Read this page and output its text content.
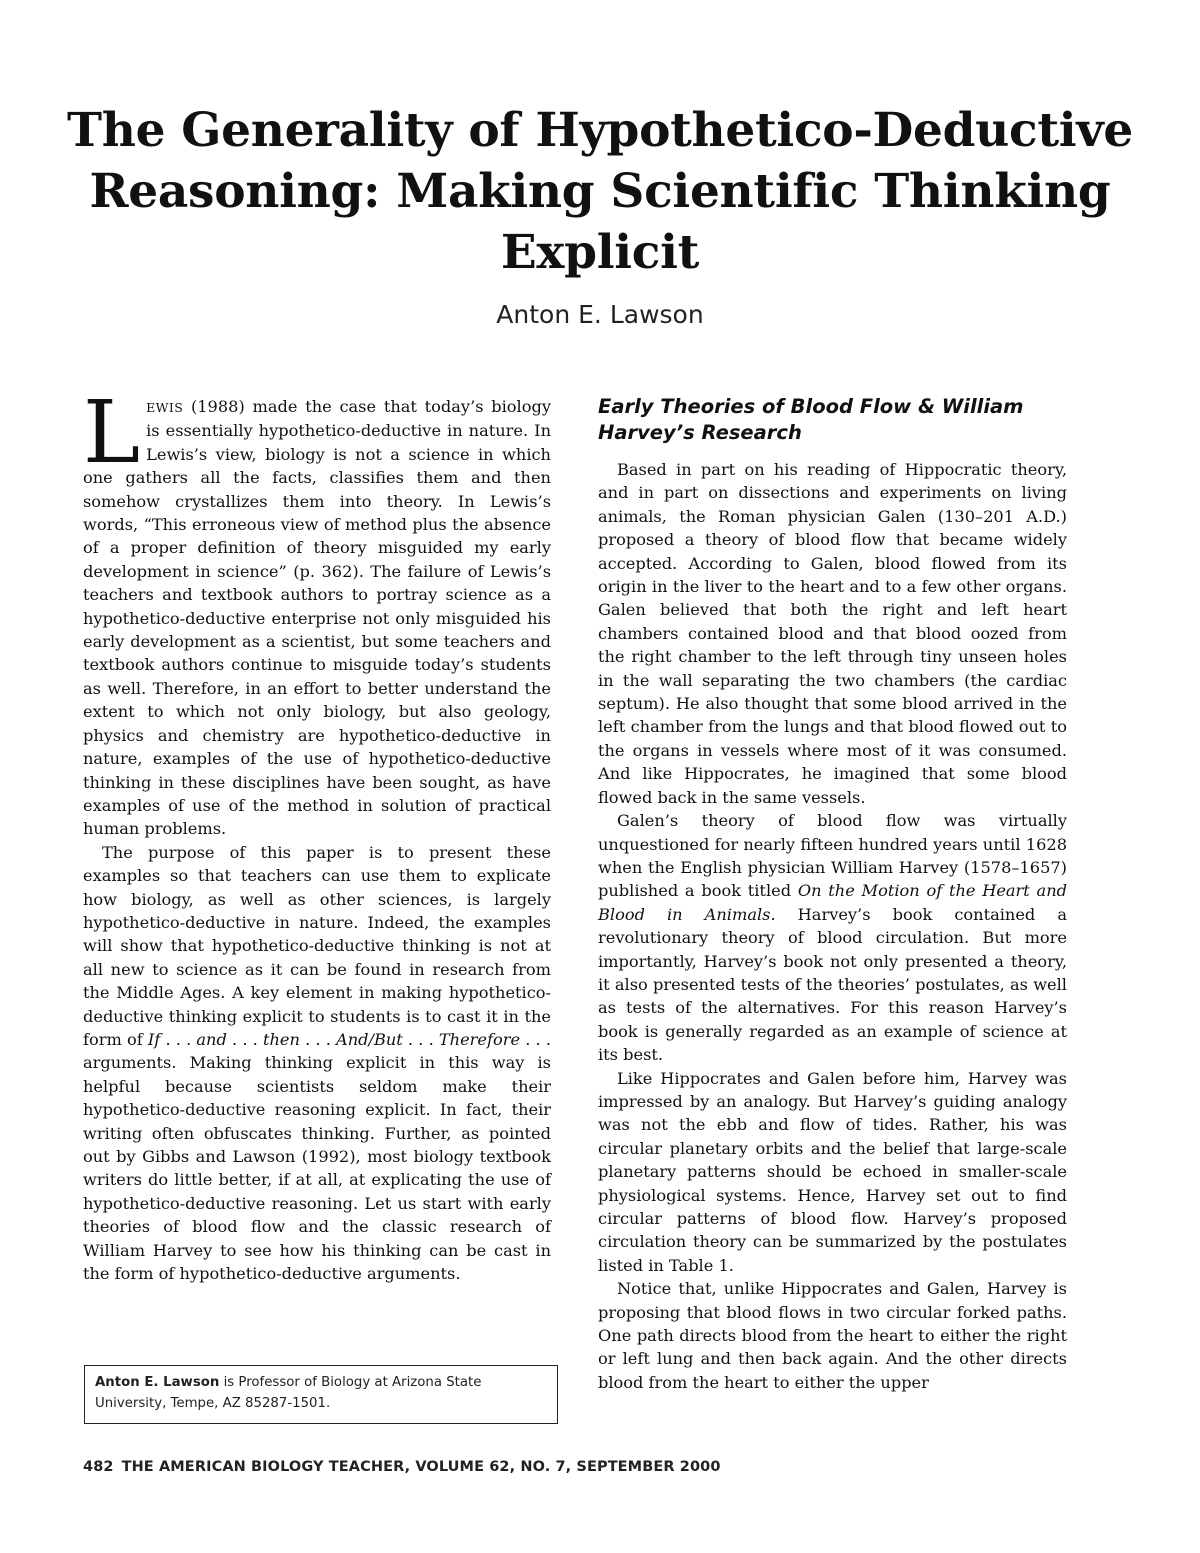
The Generality of Hypothetico-Deductive Reasoning: Making Scientific Thinking Explicit
Anton E. Lawson

LEWIS (1988) made the case that today’s biology is essentially hypothetico-deductive in nature. In Lewis’s view, biology is not a science in which one gathers all the facts, classifies them and then somehow crystallizes them into theory. In Lewis’s words, “This erroneous view of method plus the absence of a proper definition of theory misguided my early development in science” (p. 362). The failure of Lewis’s teachers and textbook authors to portray science as a hypothetico-deductive enterprise not only misguided his early development as a scientist, but some teachers and textbook authors continue to misguide today’s students as well. Therefore, in an effort to better understand the extent to which not only biology, but also geology, physics and chemistry are hypothetico-deductive in nature, examples of the use of hypothetico-deductive thinking in these disciplines have been sought, as have examples of use of the method in solution of practical human problems.

The purpose of this paper is to present these examples so that teachers can use them to explicate how biology, as well as other sciences, is largely hypothetico-deductive in nature. Indeed, the examples will show that hypothetico-deductive thinking is not at all new to science as it can be found in research from the Middle Ages. A key element in making hypothetico-deductive thinking explicit to students is to cast it in the form of If . . . and . . . then . . . And/But . . . Therefore . . . arguments. Making thinking explicit in this way is helpful because scientists seldom make their hypothetico-deductive reasoning explicit. In fact, their writing often obfuscates thinking. Further, as pointed out by Gibbs and Lawson (1992), most biology textbook writers do little better, if at all, at explicating the use of hypothetico-deductive reasoning. Let us start with early theories of blood flow and the classic research of William Harvey to see how his thinking can be cast in the form of hypothetico-deductive arguments.

Anton E. Lawson is Professor of Biology at Arizona State University, Tempe, AZ 85287-1501.
Early Theories of Blood Flow & William Harvey’s Research

Based in part on his reading of Hippocratic theory, and in part on dissections and experiments on living animals, the Roman physician Galen (130–201 A.D.) proposed a theory of blood flow that became widely accepted. According to Galen, blood flowed from its origin in the liver to the heart and to a few other organs. Galen believed that both the right and left heart chambers contained blood and that blood oozed from the right chamber to the left through tiny unseen holes in the wall separating the two chambers (the cardiac septum). He also thought that some blood arrived in the left chamber from the lungs and that blood flowed out to the organs in vessels where most of it was consumed. And like Hippocrates, he imagined that some blood flowed back in the same vessels.

Galen’s theory of blood flow was virtually unquestioned for nearly fifteen hundred years until 1628 when the English physician William Harvey (1578–1657) published a book titled On the Motion of the Heart and Blood in Animals. Harvey’s book contained a revolutionary theory of blood circulation. But more importantly, Harvey’s book not only presented a theory, it also presented tests of the theories’ postulates, as well as tests of the alternatives. For this reason Harvey’s book is generally regarded as an example of science at its best.

Like Hippocrates and Galen before him, Harvey was impressed by an analogy. But Harvey’s guiding analogy was not the ebb and flow of tides. Rather, his was circular planetary orbits and the belief that large-scale planetary patterns should be echoed in smaller-scale physiological systems. Hence, Harvey set out to find circular patterns of blood flow. Harvey’s proposed circulation theory can be summarized by the postulates listed in Table 1.

Notice that, unlike Hippocrates and Galen, Harvey is proposing that blood flows in two circular forked paths. One path directs blood from the heart to either the right or left lung and then back again. And the other directs blood from the heart to either the upper

482 THE AMERICAN BIOLOGY TEACHER, VOLUME 62, NO. 7, SEPTEMBER 2000
